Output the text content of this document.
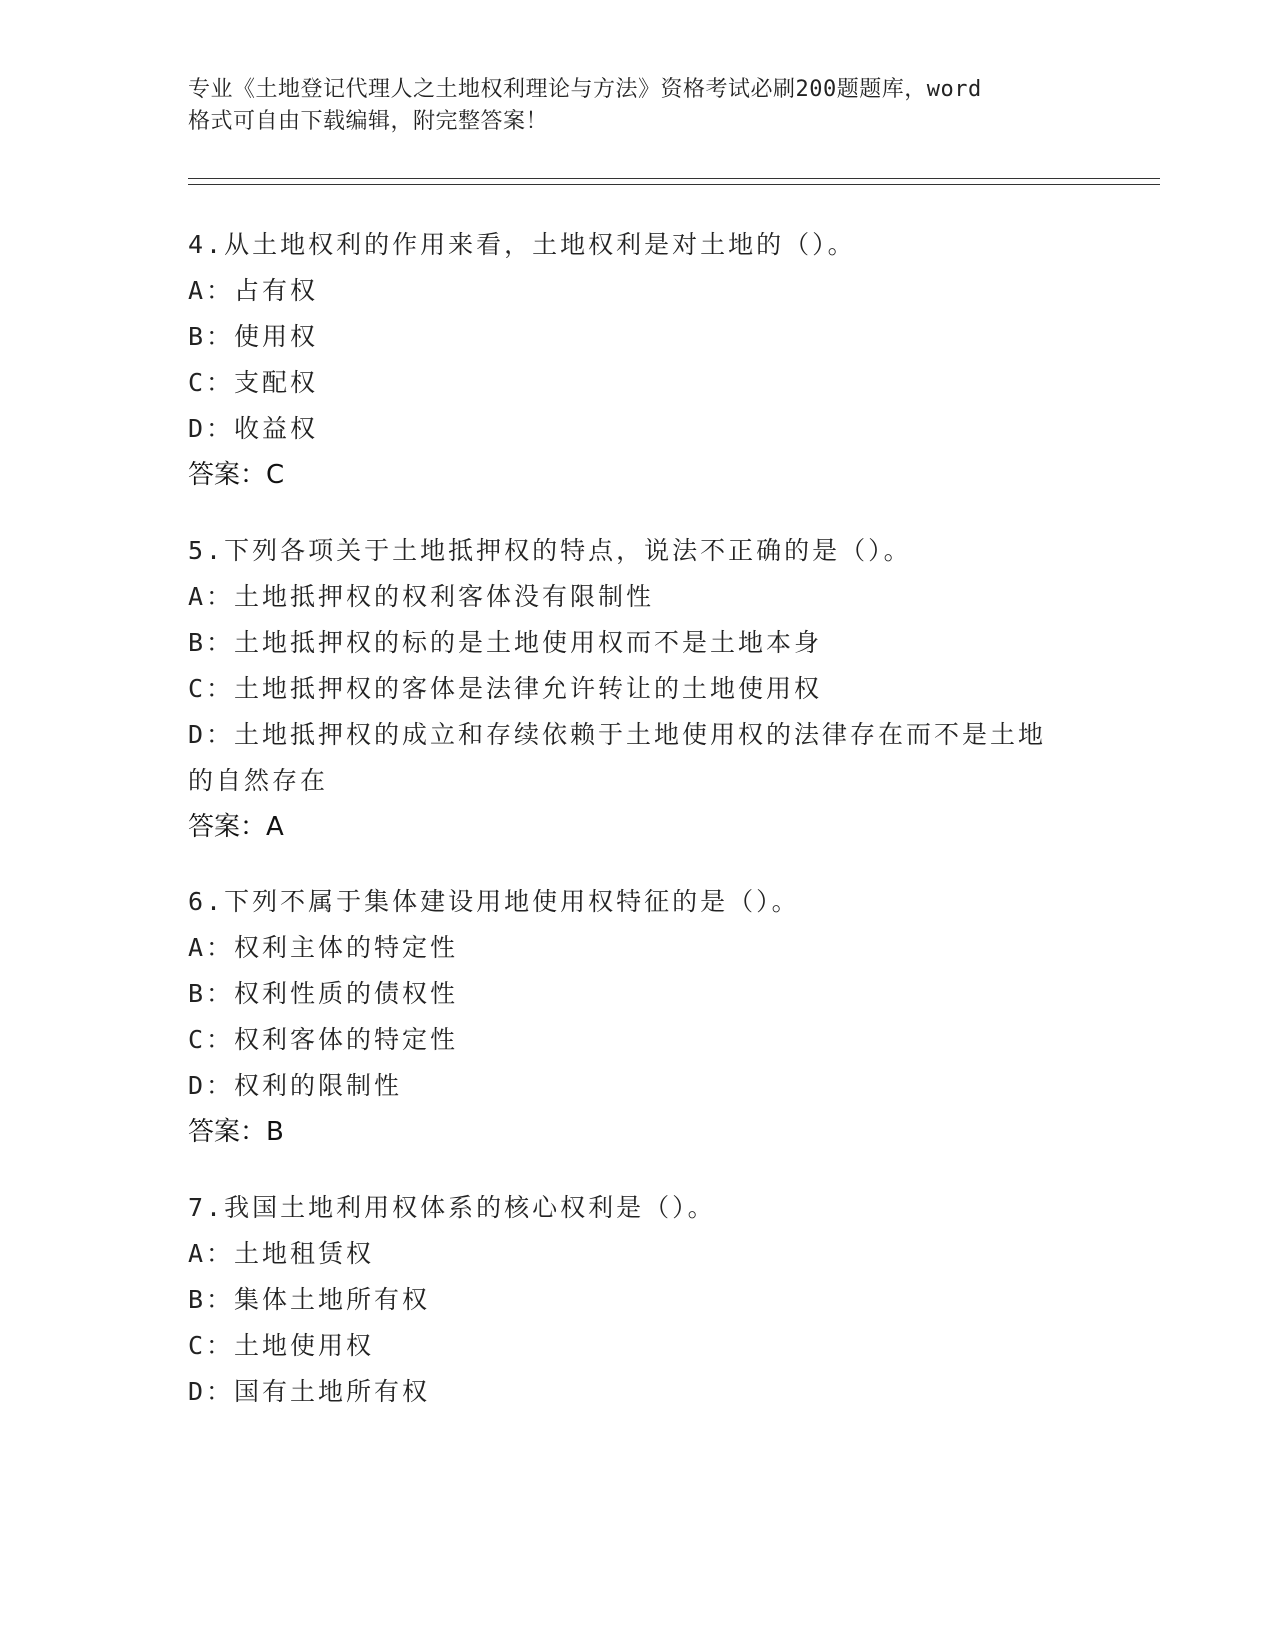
专业《土地登记代理人之土地权利理论与方法》资格考试必刷200题题库，word
格式可自由下载编辑，附完整答案！
4.从土地权利的作用来看，土地权利是对土地的（）。
A：占有权
B：使用权
C：支配权
D：收益权
答案：C
5.下列各项关于土地抵押权的特点，说法不正确的是（）。
A：土地抵押权的权利客体没有限制性
B：土地抵押权的标的是土地使用权而不是土地本身
C：土地抵押权的客体是法律允许转让的土地使用权
D：土地抵押权的成立和存续依赖于土地使用权的法律存在而不是土地
的自然存在
答案：A
6.下列不属于集体建设用地使用权特征的是（）。
A：权利主体的特定性
B：权利性质的债权性
C：权利客体的特定性
D：权利的限制性
答案：B
7.我国土地利用权体系的核心权利是（）。
A：土地租赁权
B：集体土地所有权
C：土地使用权
D：国有土地所有权
